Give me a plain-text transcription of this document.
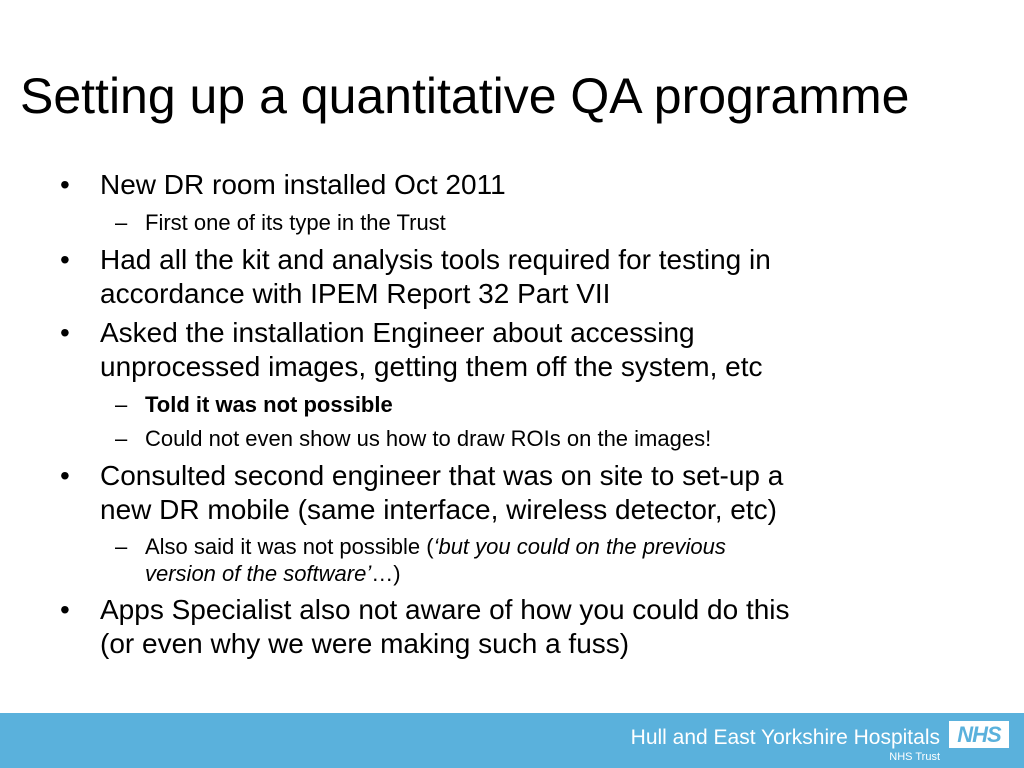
Setting up a quantitative QA programme
• New DR room installed Oct 2011
– First one of its type in the Trust
• Had all the kit and analysis tools required for testing in
accordance with IPEM Report 32 Part VII
• Asked the installation Engineer about accessing
unprocessed images, getting them off the system, etc
– Told it was not possible
– Could not even show us how to draw ROIs on the images!
• Consulted second engineer that was on site to set-up a
new DR mobile (same interface, wireless detector, etc)
– Also said it was not possible (‘but you could on the previous
version of the software’…)
• Apps Specialist also not aware of how you could do this
(or even why we were making such a fuss)
Hull and East Yorkshire Hospitals
NHS Trust
NHS
